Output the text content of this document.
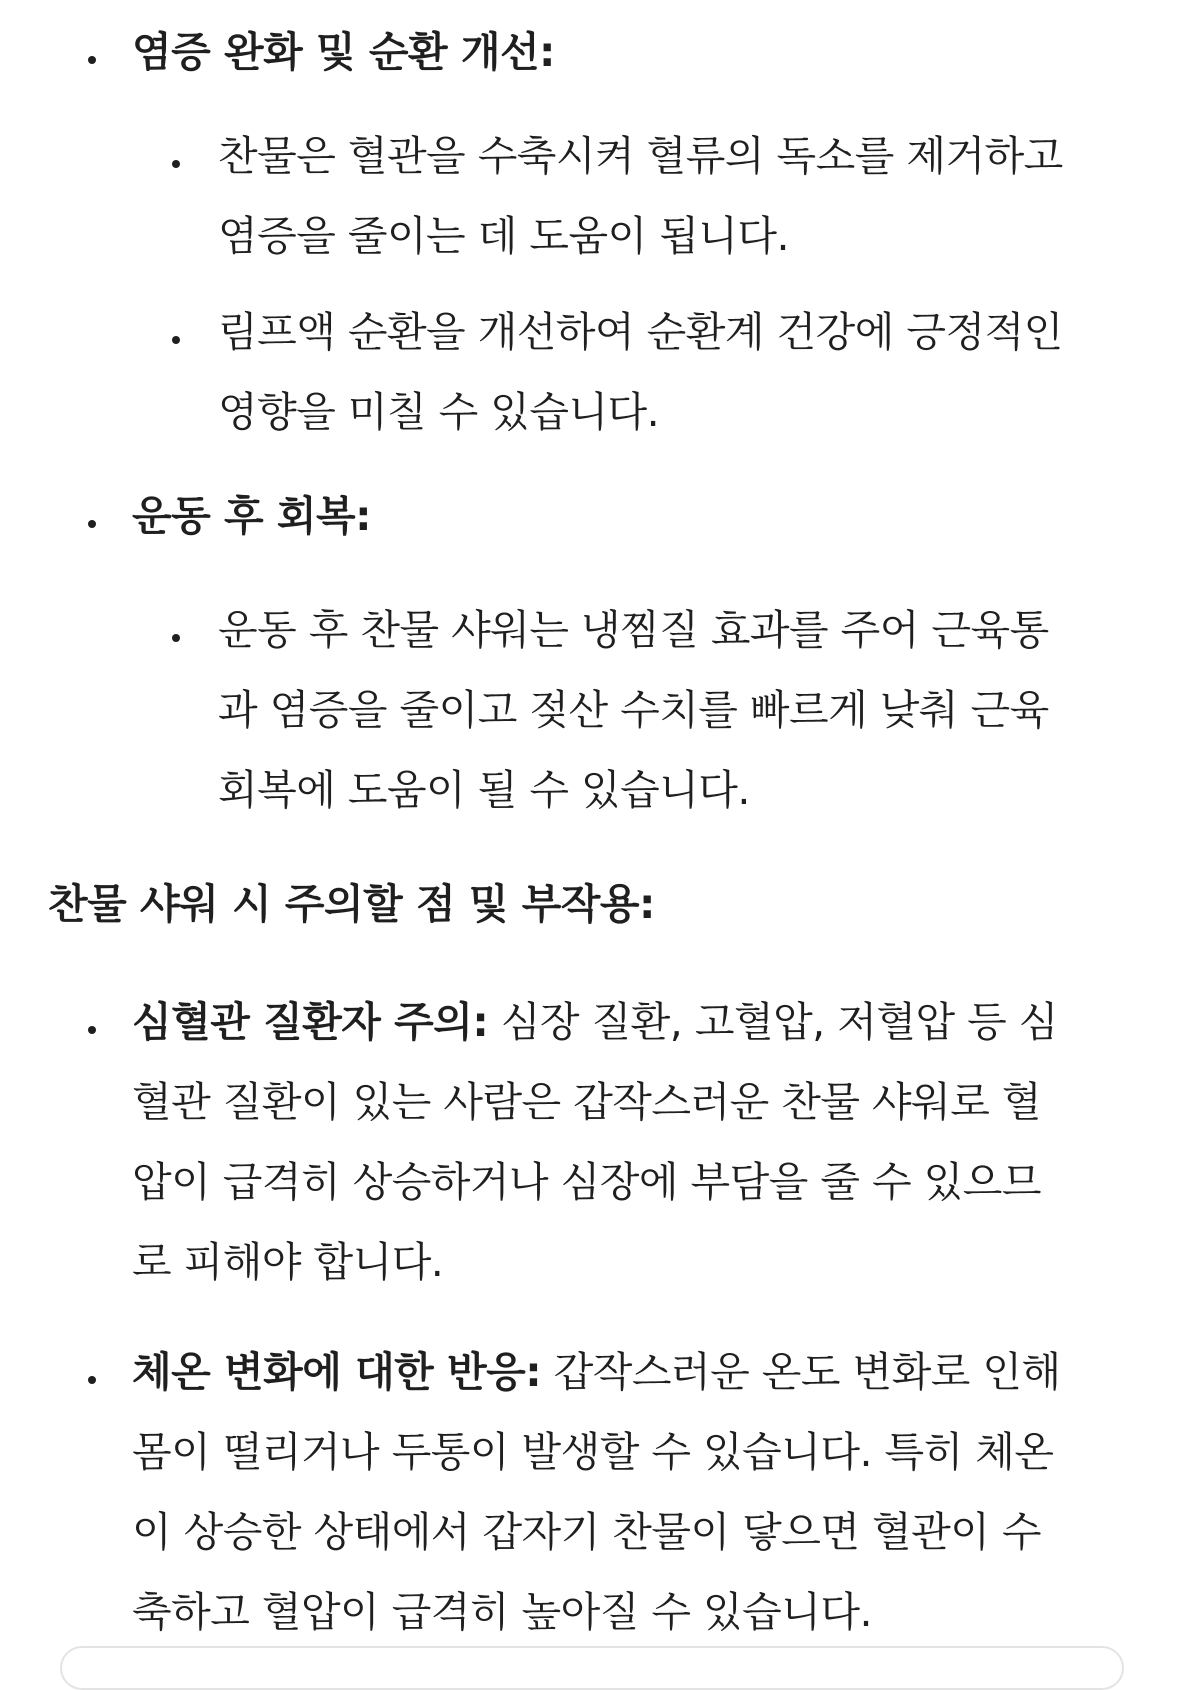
염증 완화 및 순환 개선:
찬물은 혈관을 수축시켜 혈류의 독소를 제거하고
염증을 줄이는 데 도움이 됩니다.
림프액 순환을 개선하여 순환계 건강에 긍정적인
영향을 미칠 수 있습니다.
운동 후 회복:
운동 후 찬물 샤워는 냉찜질 효과를 주어 근육통
과 염증을 줄이고 젖산 수치를 빠르게 낮춰 근육
회복에 도움이 될 수 있습니다.
찬물 샤워 시 주의할 점 및 부작용:
심혈관 질환자 주의: 심장 질환, 고혈압, 저혈압 등 심
혈관 질환이 있는 사람은 갑작스러운 찬물 샤워로 혈
압이 급격히 상승하거나 심장에 부담을 줄 수 있으므
로 피해야 합니다.
체온 변화에 대한 반응: 갑작스러운 온도 변화로 인해
몸이 떨리거나 두통이 발생할 수 있습니다. 특히 체온
이 상승한 상태에서 갑자기 찬물이 닿으면 혈관이 수
축하고 혈압이 급격히 높아질 수 있습니다.
